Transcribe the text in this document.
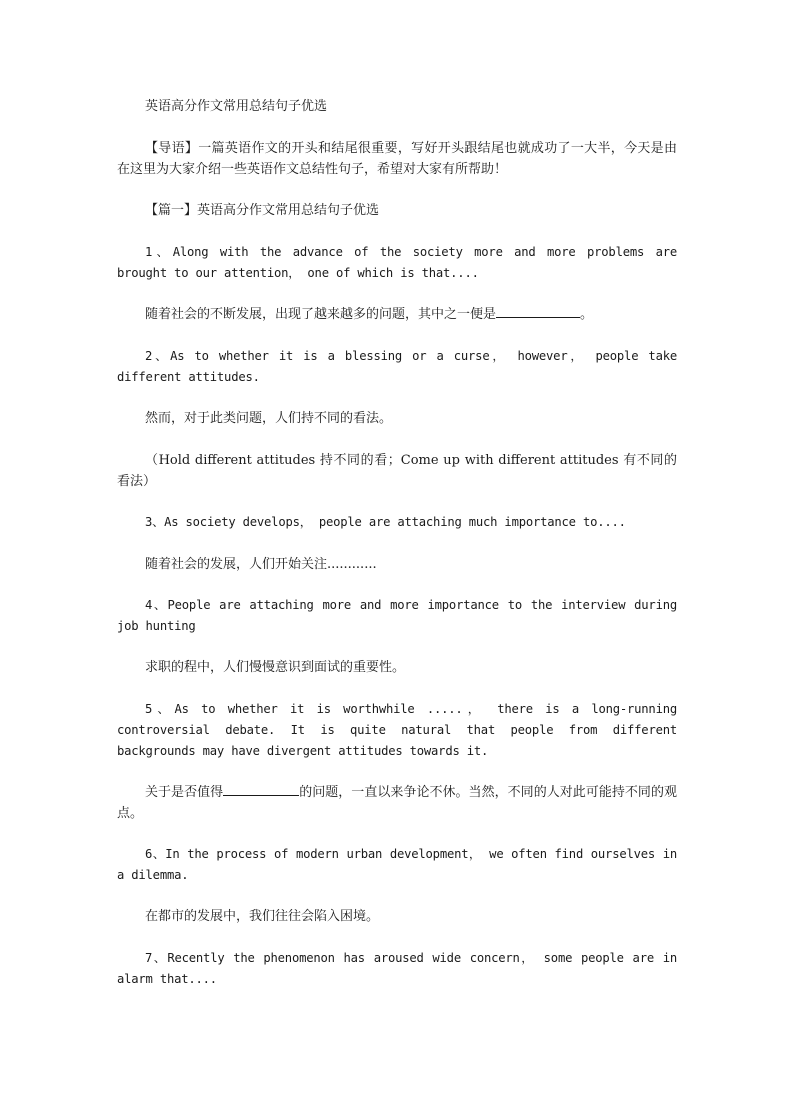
英语高分作文常用总结句子优选
【导语】一篇英语作文的开头和结尾很重要，写好开头跟结尾也就成功了一大半，今天是由在这里为大家介绍一些英语作文总结性句子，希望对大家有所帮助！
【篇一】英语高分作文常用总结句子优选
1、Along with the advance of the society more and more problems are brought to our attention， one of which is that....
随着社会的不断发展，出现了越来越多的问题，其中之一便是	。
2、As to whether it is a blessing or a curse， however， people take different attitudes.
然而，对于此类问题，人们持不同的看法。
（Hold different attitudes 持不同的看；Come up with different attitudes 有不同的看法）
3、As society develops， people are attaching much importance to....
随着社会的发展，人们开始关注............
4、People are attaching more and more importance to the interview during job hunting
求职的程中，人们慢慢意识到面试的重要性。
5、As to whether it is worthwhile .....， there is a long-running controversial debate. It is quite natural that people from different backgrounds may have divergent attitudes towards it.
关于是否值得	的问题，一直以来争论不休。当然，不同的人对此可能持不同的观点。
6、In the process of modern urban development， we often find ourselves in a dilemma.
在都市的发展中，我们往往会陷入困境。
7、Recently the phenomenon has aroused wide concern， some people are in alarm that....
